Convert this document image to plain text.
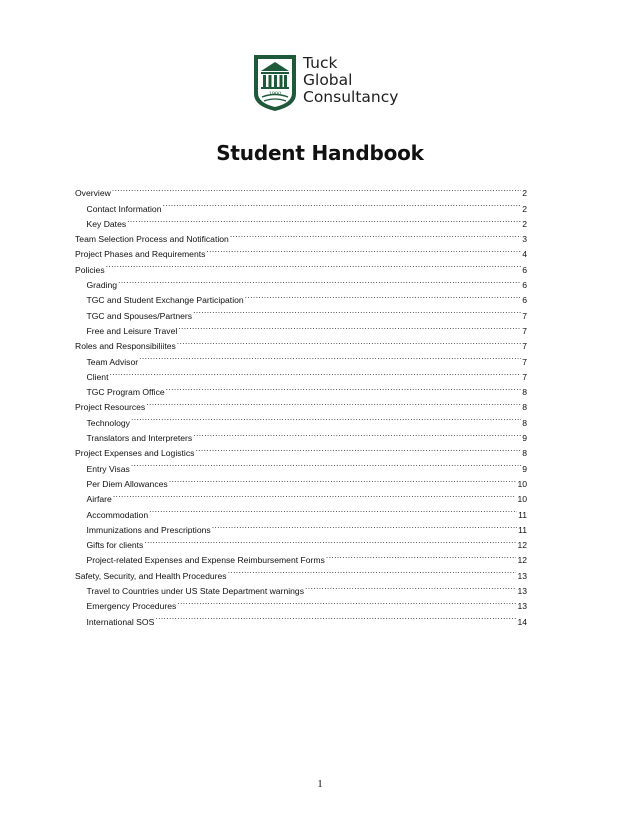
1900
Tuck
Global
Consultancy
Student Handbook
Overview .....	2
Contact Information .....	2
Key Dates .....	2
Team Selection Process and Notification .....	3
Project Phases and Requirements .....	4
Policies .....	6
Grading .....	6
TGC and Student Exchange Participation .....	6
TGC and Spouses/Partners .....	7
Free and Leisure Travel .....	7
Roles and Responsibiliites .....	7
Team Advisor .....	7
Client .....	7
TGC Program Office .....	8
Project Resources .....	8
Technology .....	8
Translators and Interpreters .....	9
Project Expenses and Logistics .....	8
Entry Visas .....	9
Per Diem Allowances .....	10
Airfare .....	10
Accommodation .....	11
Immunizations and Prescriptions .....	11
Gifts for clients .....	12
Project-related Expenses and Expense Reimbursement Forms .....	12
Safety, Security, and Health Procedures .....	13
Travel to Countries under US State Department warnings .....	13
Emergency Procedures .....	13
International SOS .....	14
1
